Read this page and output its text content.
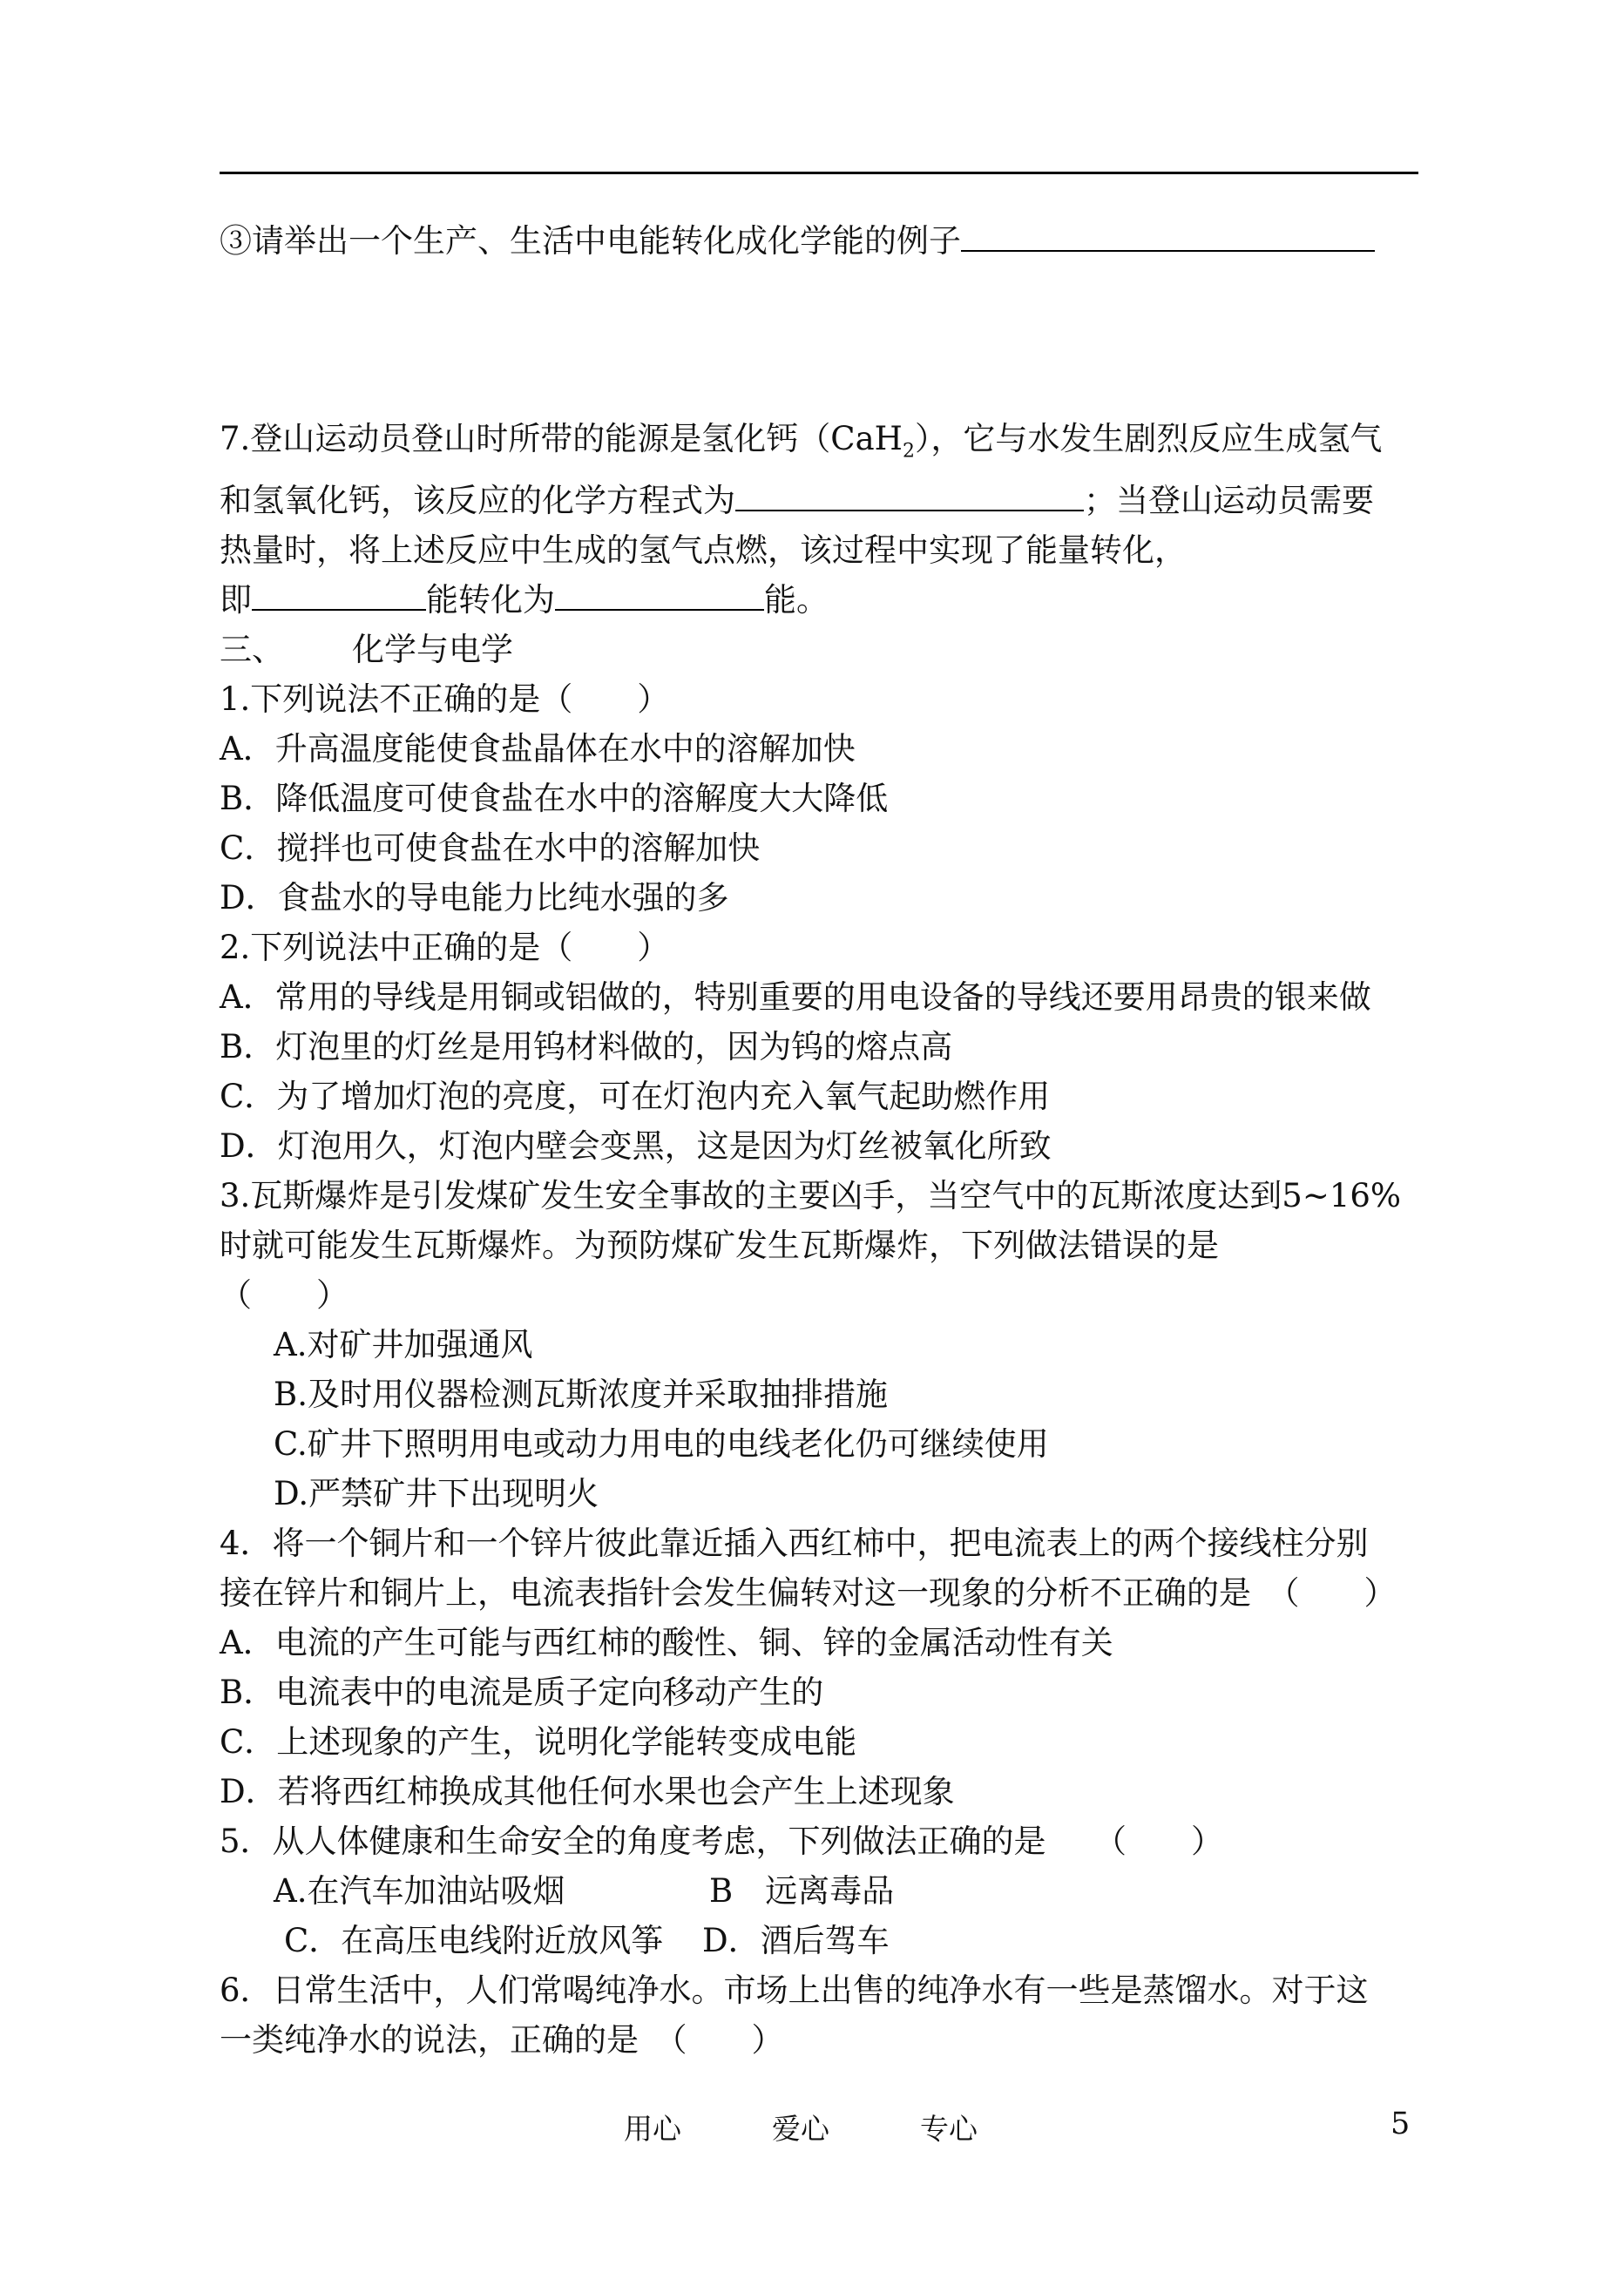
③请举出一个生产、生活中电能转化成化学能的例子
7.登山运动员登山时所带的能源是氢化钙（CaH$_2$），它与水发生剧烈反应生成氢气
和氢氧化钙，该反应的化学方程式为	；当登山运动员需要
热量时，将上述反应中生成的氢气点燃，该过程中实现了能量转化，
即	能转化为	能。
三、 化学与电学
1.下列说法不正确的是（　　）
A．升高温度能使食盐晶体在水中的溶解加快
B．降低温度可使食盐在水中的溶解度大大降低
C．搅拌也可使食盐在水中的溶解加快
D．食盐水的导电能力比纯水强的多
2.下列说法中正确的是（　　）
A．常用的导线是用铜或铝做的，特别重要的用电设备的导线还要用昂贵的银来做
B．灯泡里的灯丝是用钨材料做的，因为钨的熔点高
C．为了增加灯泡的亮度，可在灯泡内充入氧气起助燃作用
D．灯泡用久，灯泡内壁会变黑，这是因为灯丝被氧化所致
3.瓦斯爆炸是引发煤矿发生安全事故的主要凶手，当空气中的瓦斯浓度达到5~16%
时就可能发生瓦斯爆炸。为预防煤矿发生瓦斯爆炸，下列做法错误的是
（　　）
A.对矿井加强通风
B.及时用仪器检测瓦斯浓度并采取抽排措施
C.矿井下照明用电或动力用电的电线老化仍可继续使用
D.严禁矿井下出现明火
4．将一个铜片和一个锌片彼此靠近插入西红柿中，把电流表上的两个接线柱分别
接在锌片和铜片上，电流表指针会发生偏转对这一现象的分析不正确的是　（　　）
A．电流的产生可能与西红柿的酸性、铜、锌的金属活动性有关
B．电流表中的电流是质子定向移动产生的
C．上述现象的产生，说明化学能转变成电能
D．若将西红柿换成其他任何水果也会产生上述现象
5．从人体健康和生命安全的角度考虑，下列做法正确的是　　（　　）
A.在汽车加油站吸烟	B　远离毒品
C．在高压电线附近放风筝 D．酒后驾车
6．日常生活中，人们常喝纯净水。市场上出售的纯净水有一些是蒸馏水。对于这
一类纯净水的说法，正确的是　（　　）
用心	爱心	专心	5
